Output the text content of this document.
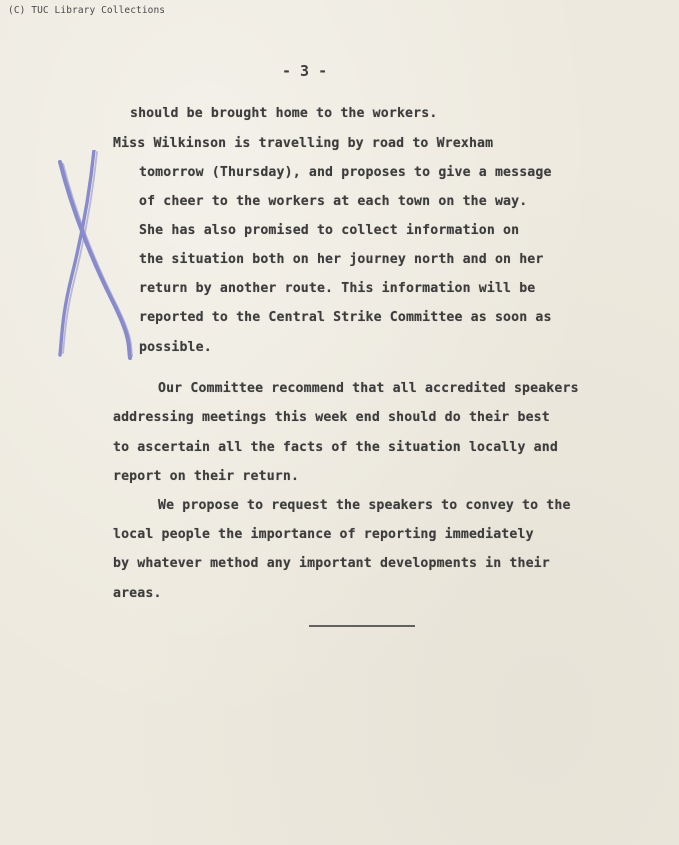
(C) TUC Library Collections
- 3 -
should be brought home to the workers.
Miss Wilkinson is travelling by road to Wrexham
tomorrow (Thursday), and proposes to give a message
of cheer to the workers at each town on the way.
She has also promised to collect information on
the situation both on her journey north and on her
return by another route. This information will be
reported to the Central Strike Committee as soon as
possible.
Our Committee recommend that all accredited speakers
addressing meetings this week end should do their best
to ascertain all the facts of the situation locally and
report on their return.
We propose to request the speakers to convey to the
local people the importance of reporting immediately
by whatever method any important developments in their
areas.
